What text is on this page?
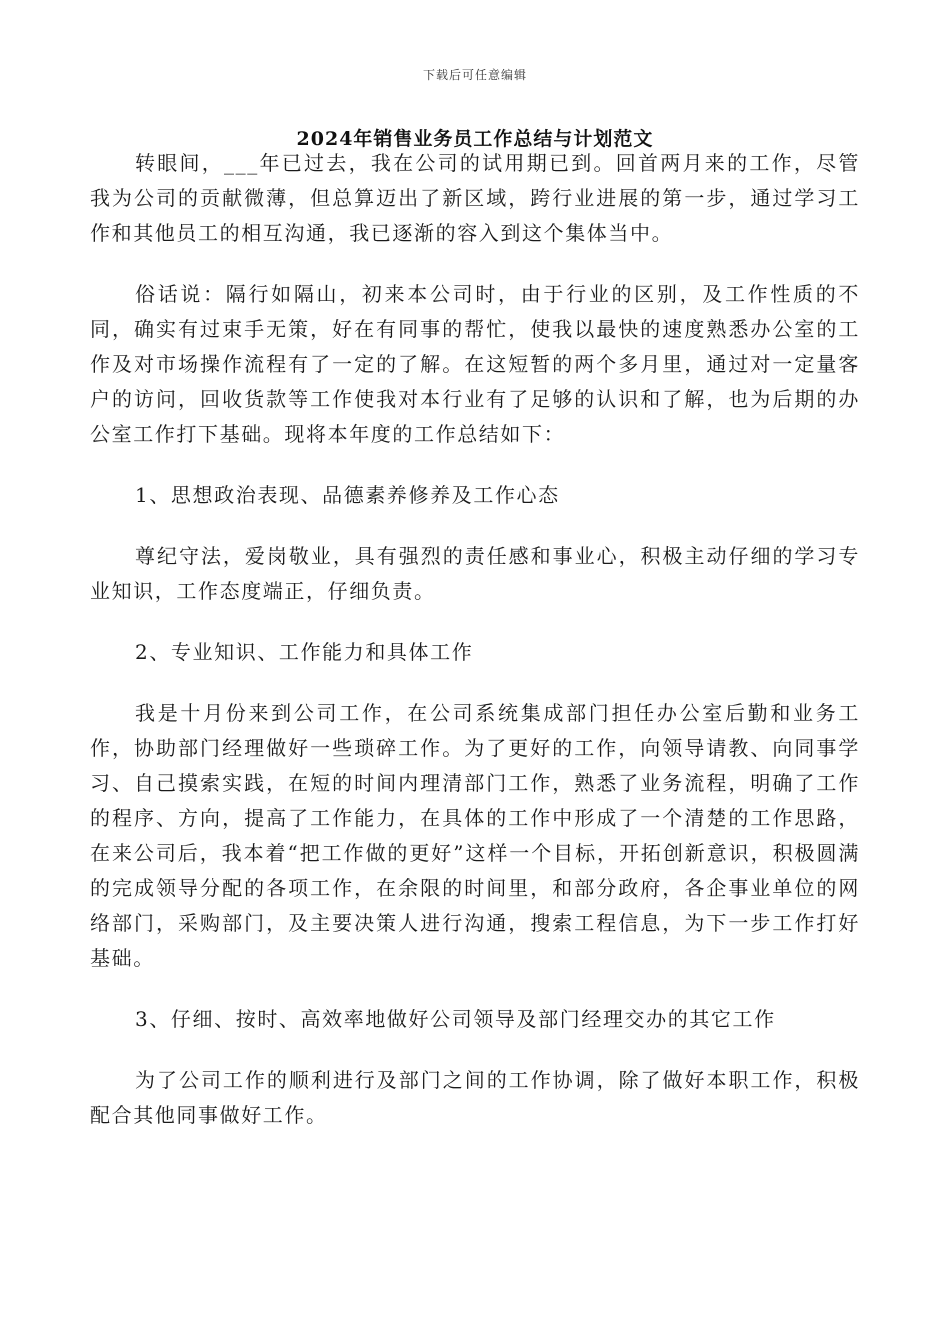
下载后可任意编辑
2024年销售业务员工作总结与计划范文

转眼间，___年已过去，我在公司的试用期已到。回首两月来的工作，尽管我为公司的贡献微薄，但总算迈出了新区域，跨行业进展的第一步，通过学习工作和其他员工的相互沟通，我已逐渐的容入到这个集体当中。

俗话说：隔行如隔山，初来本公司时，由于行业的区别，及工作性质的不同，确实有过束手无策，好在有同事的帮忙，使我以最快的速度熟悉办公室的工作及对市场操作流程有了一定的了解。在这短暂的两个多月里，通过对一定量客户的访问，回收货款等工作使我对本行业有了足够的认识和了解，也为后期的办公室工作打下基础。现将本年度的工作总结如下：

1、思想政治表现、品德素养修养及工作心态

尊纪守法，爱岗敬业，具有强烈的责任感和事业心，积极主动仔细的学习专业知识，工作态度端正，仔细负责。

2、专业知识、工作能力和具体工作

我是十月份来到公司工作，在公司系统集成部门担任办公室后勤和业务工作，协助部门经理做好一些琐碎工作。为了更好的工作，向领导请教、向同事学习、自己摸索实践，在短的时间内理清部门工作，熟悉了业务流程，明确了工作的程序、方向，提高了工作能力，在具体的工作中形成了一个清楚的工作思路，在来公司后，我本着“把工作做的更好”这样一个目标，开拓创新意识，积极圆满的完成领导分配的各项工作，在余限的时间里，和部分政府，各企事业单位的网络部门，采购部门，及主要决策人进行沟通，搜索工程信息，为下一步工作打好基础。

3、仔细、按时、高效率地做好公司领导及部门经理交办的其它工作

为了公司工作的顺利进行及部门之间的工作协调，除了做好本职工作，积极配合其他同事做好工作。
